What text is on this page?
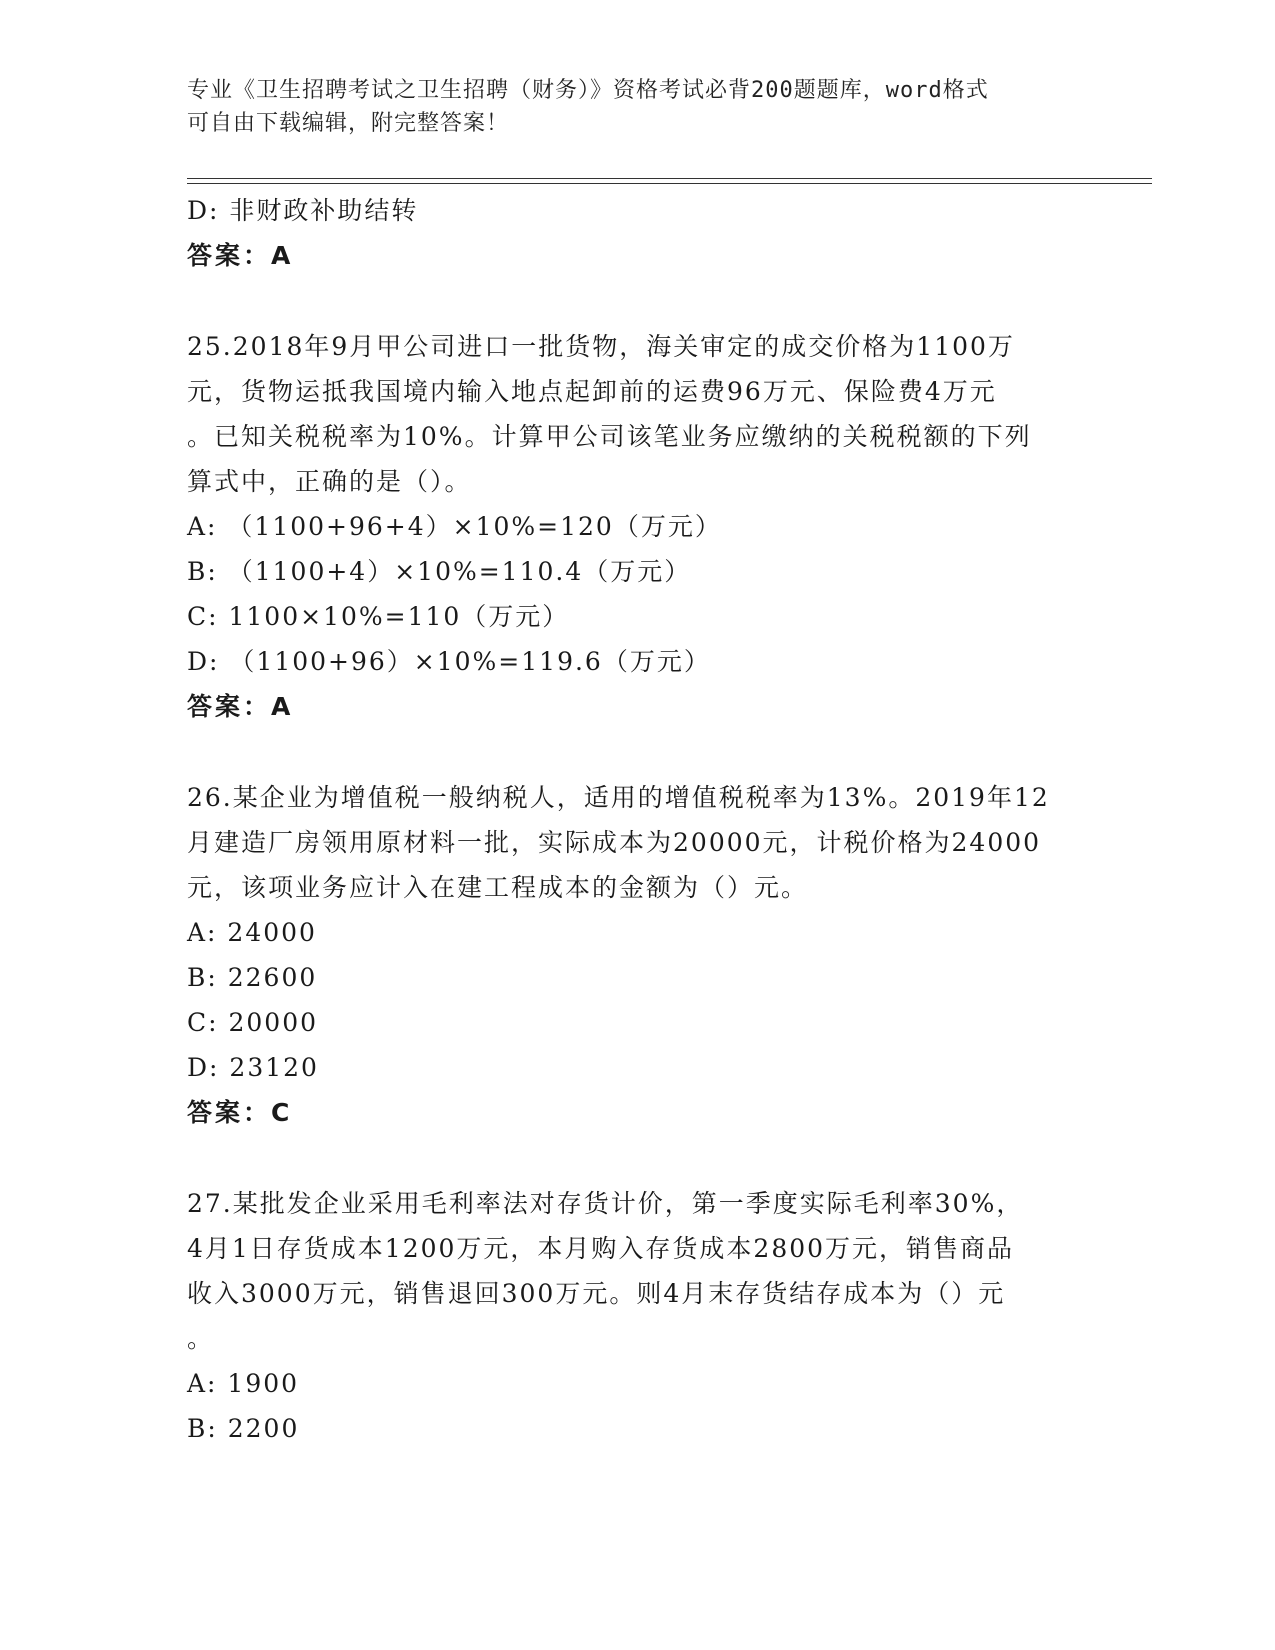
专业《卫生招聘考试之卫生招聘（财务）》资格考试必背200题题库，word格式
可自由下载编辑，附完整答案！
D: 非财政补助结转
答案：A
25.2018年9月甲公司进口一批货物，海关审定的成交价格为1100万
元，货物运抵我国境内输入地点起卸前的运费96万元、保险费4万元
。已知关税税率为10%。计算甲公司该笔业务应缴纳的关税税额的下列
算式中，正确的是（）。
A: （1100+96+4）×10%=120（万元）
B: （1100+4）×10%=110.4（万元）
C: 1100×10%=110（万元）
D: （1100+96）×10%=119.6（万元）
答案：A
26.某企业为增值税一般纳税人，适用的增值税税率为13%。2019年12
月建造厂房领用原材料一批，实际成本为20000元，计税价格为24000
元，该项业务应计入在建工程成本的金额为（）元。
A: 24000
B: 22600
C: 20000
D: 23120
答案：C
27.某批发企业采用毛利率法对存货计价，第一季度实际毛利率30%，
4月1日存货成本1200万元，本月购入存货成本2800万元，销售商品
收入3000万元，销售退回300万元。则4月末存货结存成本为（）元
。
A: 1900
B: 2200
